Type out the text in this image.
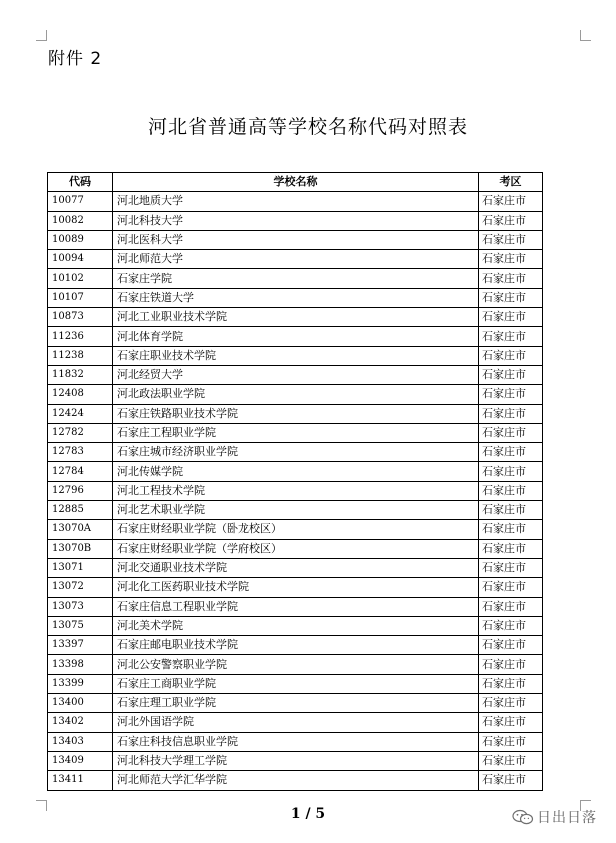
附件 2
河北省普通高等学校名称代码对照表
代码	学校名称	考区
10077	河北地质大学	石家庄市
10082	河北科技大学	石家庄市
10089	河北医科大学	石家庄市
10094	河北师范大学	石家庄市
10102	石家庄学院	石家庄市
10107	石家庄铁道大学	石家庄市
10873	河北工业职业技术学院	石家庄市
11236	河北体育学院	石家庄市
11238	石家庄职业技术学院	石家庄市
11832	河北经贸大学	石家庄市
12408	河北政法职业学院	石家庄市
12424	石家庄铁路职业技术学院	石家庄市
12782	石家庄工程职业学院	石家庄市
12783	石家庄城市经济职业学院	石家庄市
12784	河北传媒学院	石家庄市
12796	河北工程技术学院	石家庄市
12885	河北艺术职业学院	石家庄市
13070A	石家庄财经职业学院（卧龙校区）	石家庄市
13070B	石家庄财经职业学院（学府校区）	石家庄市
13071	河北交通职业技术学院	石家庄市
13072	河北化工医药职业技术学院	石家庄市
13073	石家庄信息工程职业学院	石家庄市
13075	河北美术学院	石家庄市
13397	石家庄邮电职业技术学院	石家庄市
13398	河北公安警察职业学院	石家庄市
13399	石家庄工商职业学院	石家庄市
13400	石家庄理工职业学院	石家庄市
13402	河北外国语学院	石家庄市
13403	石家庄科技信息职业学院	石家庄市
13409	河北科技大学理工学院	石家庄市
13411	河北师范大学汇华学院	石家庄市
1 / 5	日出日落
